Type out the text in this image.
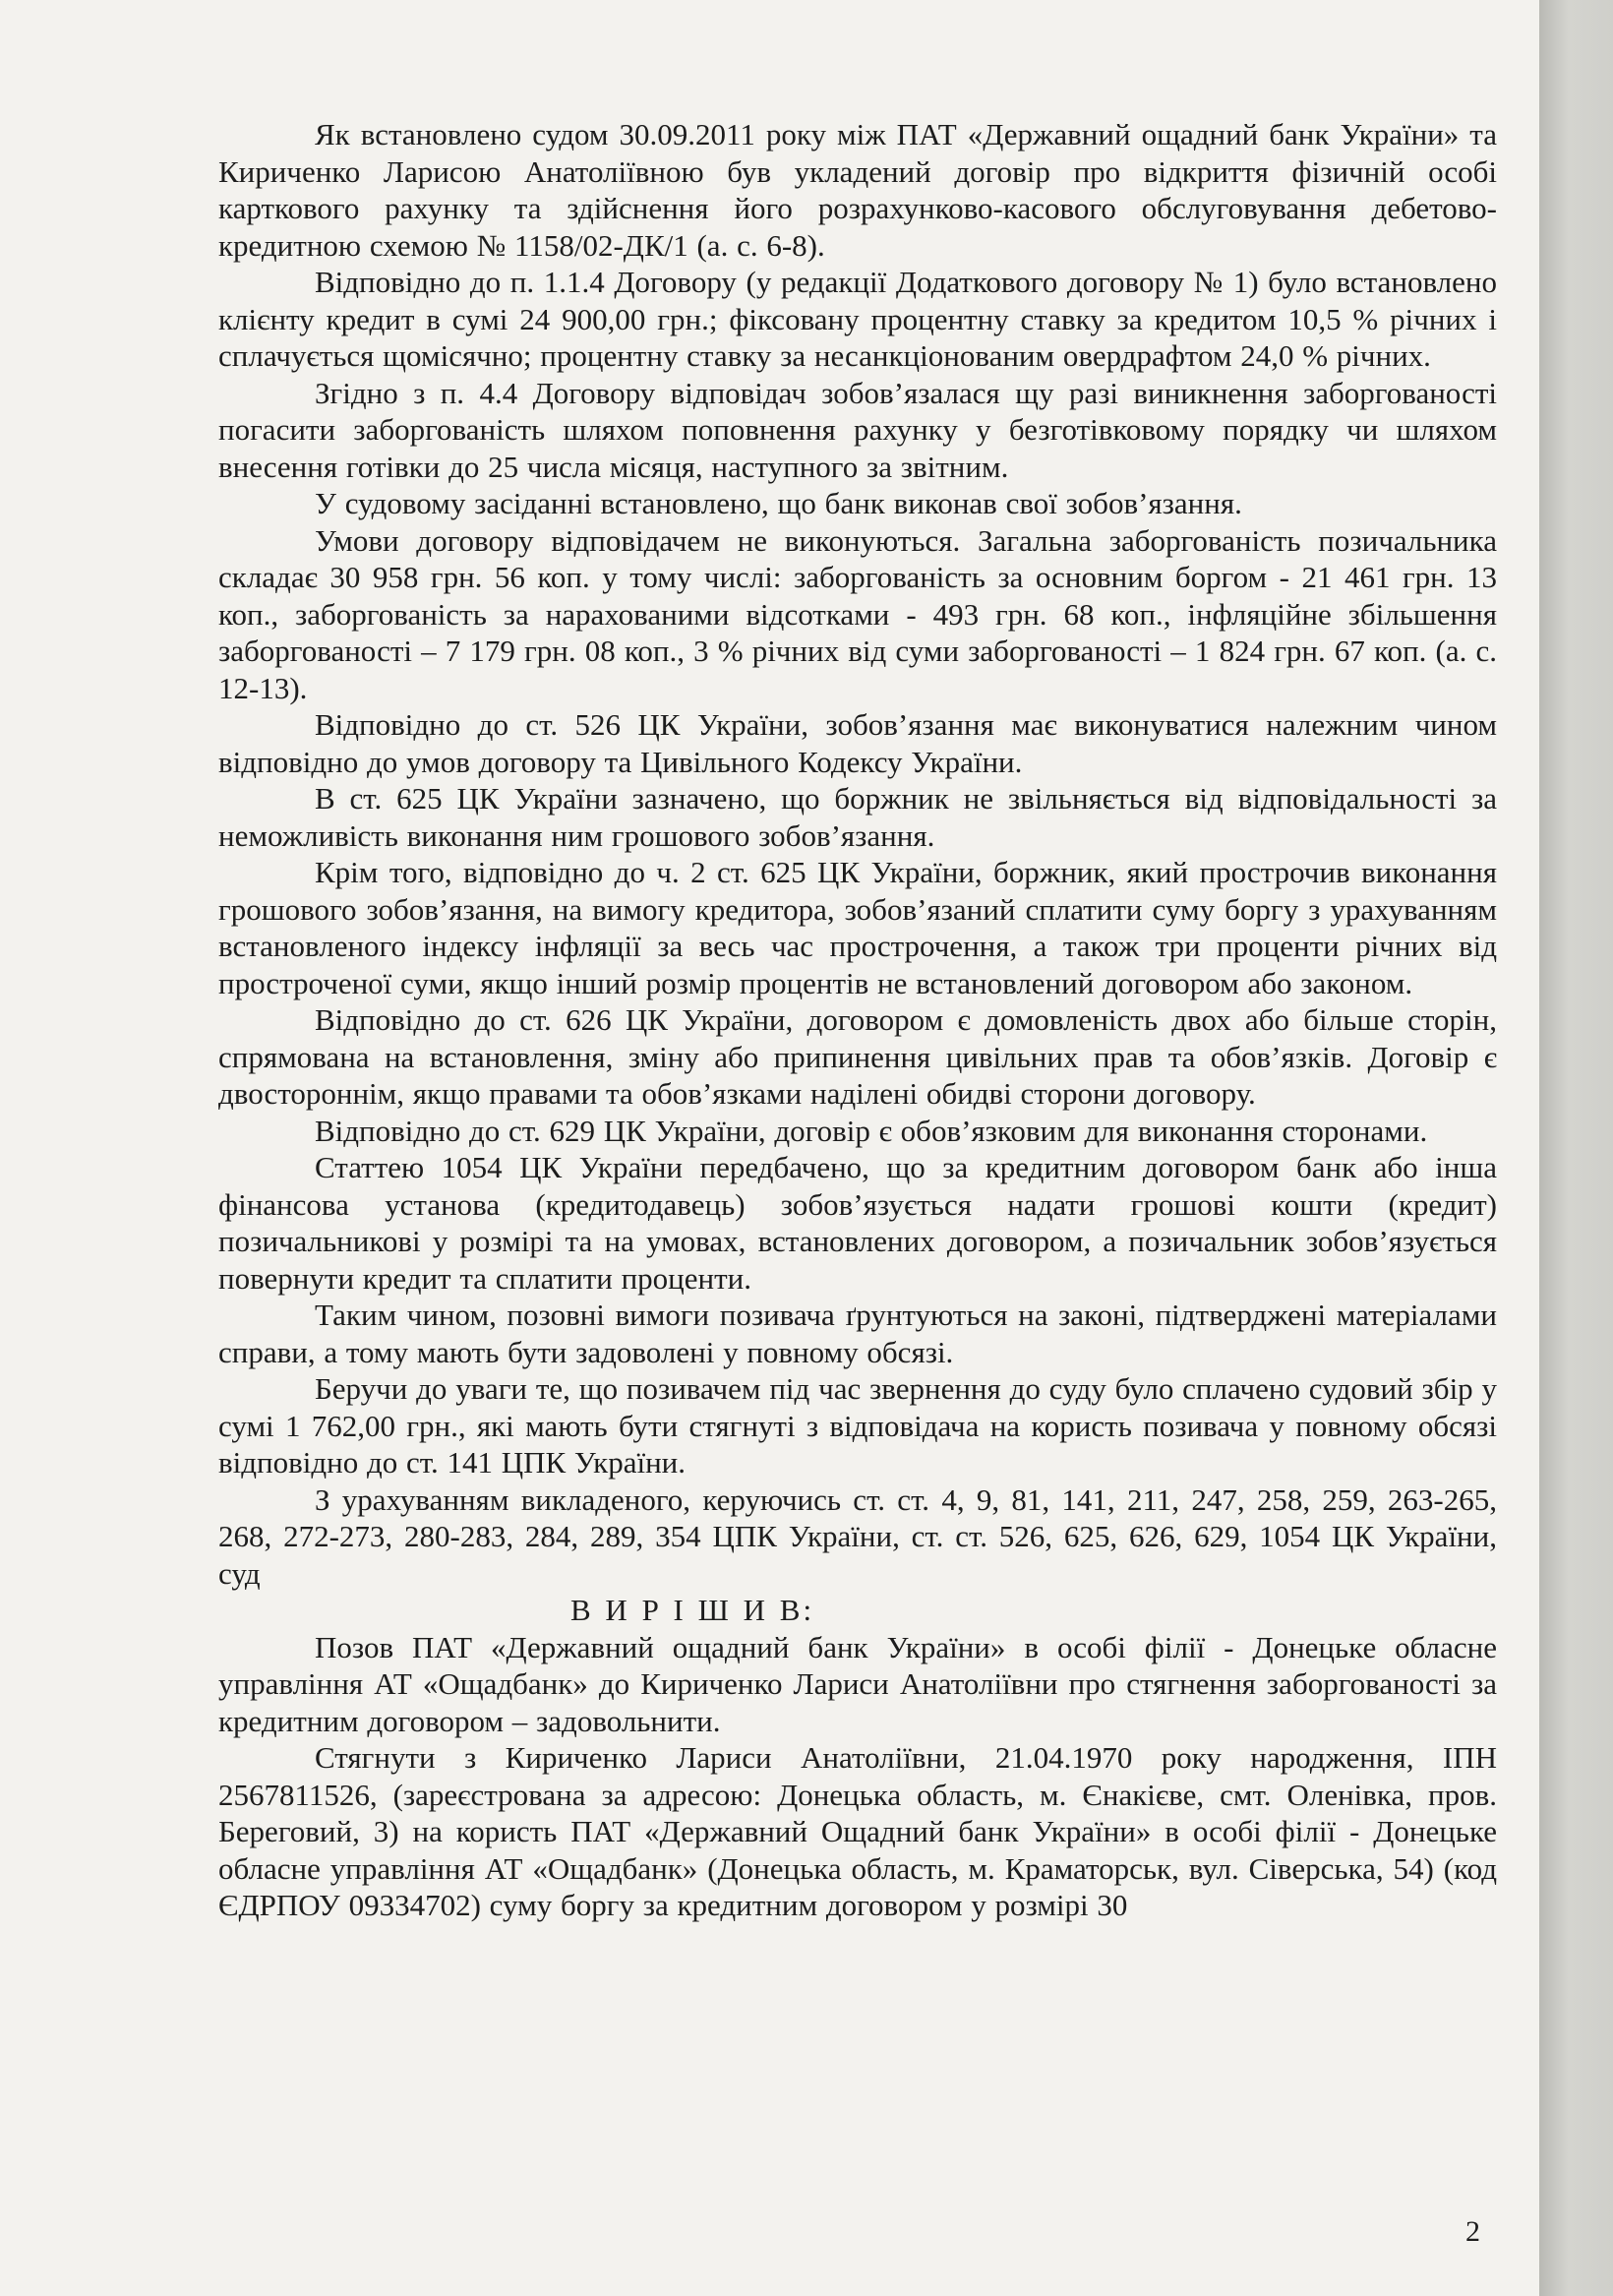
Як встановлено судом 30.09.2011 року між ПАТ «Державний ощадний банк України» та Кириченко Ларисою Анатоліївною був укладений договір про відкриття фізичній особі карткового рахунку та здійснення його розрахунково-касового обслуговування дебетово-кредитною схемою № 1158/02-ДК/1 (а. с. 6-8).

Відповідно до п. 1.1.4 Договору (у редакції Додаткового договору № 1) було встановлено клієнту кредит в сумі 24 900,00 грн.; фіксовану процентну ставку за кредитом 10,5 % річних і сплачується щомісячно; процентну ставку за несанкціонованим овердрафтом 24,0 % річних.

Згідно з п. 4.4 Договору відповідач зобов’язалася щу разі виникнення заборгованості погасити заборгованість шляхом поповнення рахунку у безготівковому порядку чи шляхом внесення готівки до 25 числа місяця, наступного за звітним.

У судовому засіданні встановлено, що банк виконав свої зобов’язання.

Умови договору відповідачем не виконуються. Загальна заборгованість позичальника складає 30 958 грн. 56 коп. у тому числі: заборгованість за основним боргом - 21 461 грн. 13 коп., заборгованість за нарахованими відсотками - 493 грн. 68 коп., інфляційне збільшення заборгованості – 7 179 грн. 08 коп., 3 % річних від суми заборгованості – 1 824 грн. 67 коп. (а. с. 12-13).

Відповідно до ст. 526 ЦК України, зобов’язання має виконуватися належним чином відповідно до умов договору та Цивільного Кодексу України.

В ст. 625 ЦК України зазначено, що боржник не звільняється від відповідальності за неможливість виконання ним грошового зобов’язання.

Крім того, відповідно до ч. 2 ст. 625 ЦК України, боржник, який прострочив виконання грошового зобов’язання, на вимогу кредитора, зобов’язаний сплатити суму боргу з урахуванням встановленого індексу інфляції за весь час прострочення, а також три проценти річних від простроченої суми, якщо інший розмір процентів не встановлений договором або законом.

Відповідно до ст. 626 ЦК України, договором є домовленість двох або більше сторін, спрямована на встановлення, зміну або припинення цивільних прав та обов’язків. Договір є двостороннім, якщо правами та обов’язками наділені обидві сторони договору.

Відповідно до ст. 629 ЦК України, договір є обов’язковим для виконання сторонами.

Статтею 1054 ЦК України передбачено, що за кредитним договором банк або інша фінансова установа (кредитодавець) зобов’язується надати грошові кошти (кредит) позичальникові у розмірі та на умовах, встановлених договором, а позичальник зобов’язується повернути кредит та сплатити проценти.

Таким чином, позовні вимоги позивача ґрунтуються на законі, підтверджені матеріалами справи, а тому мають бути задоволені у повному обсязі.

Беручи до уваги те, що позивачем під час звернення до суду було сплачено судовий збір у сумі 1 762,00 грн., які мають бути стягнуті з відповідача на користь позивача у повному обсязі відповідно до ст. 141 ЦПК України.

З урахуванням викладеного, керуючись ст. ст. 4, 9, 81, 141, 211, 247, 258, 259, 263-265, 268, 272-273, 280-283, 284, 289, 354 ЦПК України, ст. ст. 526, 625, 626, 629, 1054 ЦК України, суд

В И Р І Ш И В:

Позов ПАТ «Державний ощадний банк України» в особі філії - Донецьке обласне управління АТ «Ощадбанк» до Кириченко Лариси Анатоліївни про стягнення заборгованості за кредитним договором – задовольнити.

Стягнути з Кириченко Лариси Анатоліївни, 21.04.1970 року народження, ІПН 2567811526, (зареєстрована за адресою: Донецька область, м. Єнакієве, смт. Оленівка, пров. Береговий, 3) на користь ПАТ «Державний Ощадний банк України» в особі філії - Донецьке обласне управління АТ «Ощадбанк» (Донецька область, м. Краматорськ, вул. Сіверська, 54) (код ЄДРПОУ 09334702) суму боргу за кредитним договором у розмірі 30

2
